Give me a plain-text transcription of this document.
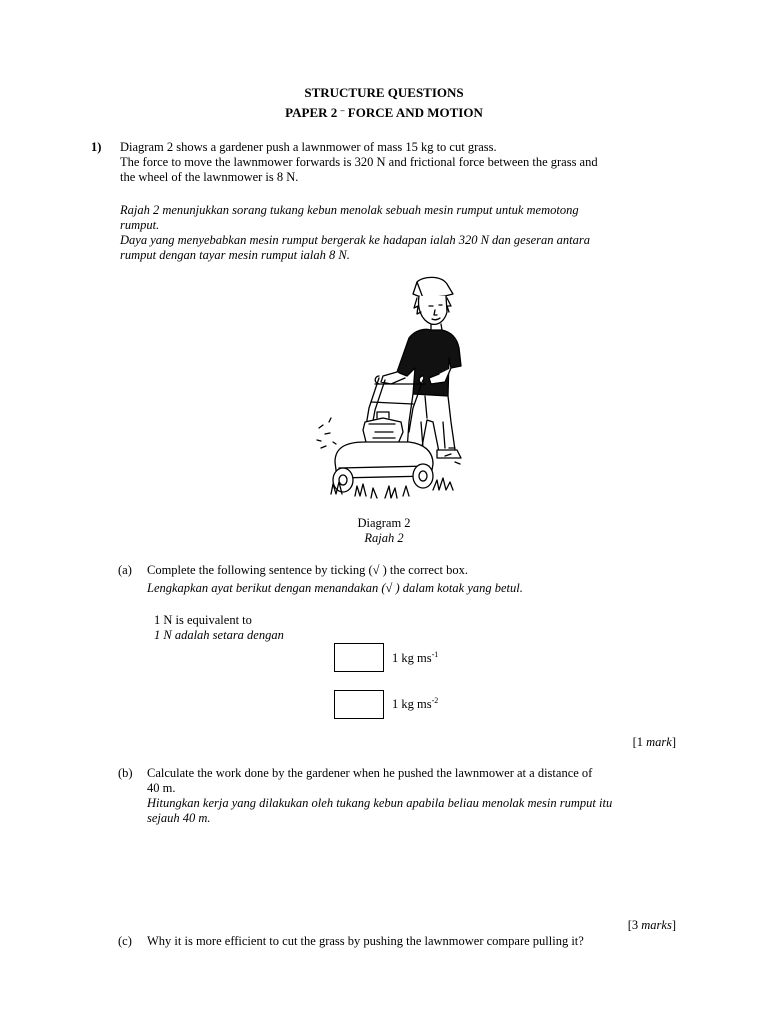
STRUCTURE QUESTIONS
PAPER 2 – FORCE AND MOTION
1) Diagram 2 shows a gardener push a lawnmower of mass 15 kg to cut grass.
The force to move the lawnmower forwards is 320 N and frictional force between the grass and
the wheel of the lawnmower is 8 N.
Rajah 2 menunjukkan sorang tukang kebun menolak sebuah mesin rumput untuk memotong
rumput.
Daya yang menyebabkan mesin rumput bergerak ke hadapan ialah 320 N dan geseran antara
rumput dengan tayar mesin rumput ialah 8 N.
Diagram 2
Rajah 2
(a) Complete the following sentence by ticking (√ ) the correct box.
Lengkapkan ayat berikut dengan menandakan (√ ) dalam kotak yang betul.
1 N is equivalent to
1 N adalah setara dengan
1 kg $ms^{-1}$
1 kg $ms^{-2}$
[1 mark]
(b) Calculate the work done by the gardener when he pushed the lawnmower at a distance of
40 m.
Hitungkan kerja yang dilakukan oleh tukang kebun apabila beliau menolak mesin rumput itu
sejauh 40 m.
[3 marks]
(c) Why it is more efficient to cut the grass by pushing the lawnmower compare pulling it?
